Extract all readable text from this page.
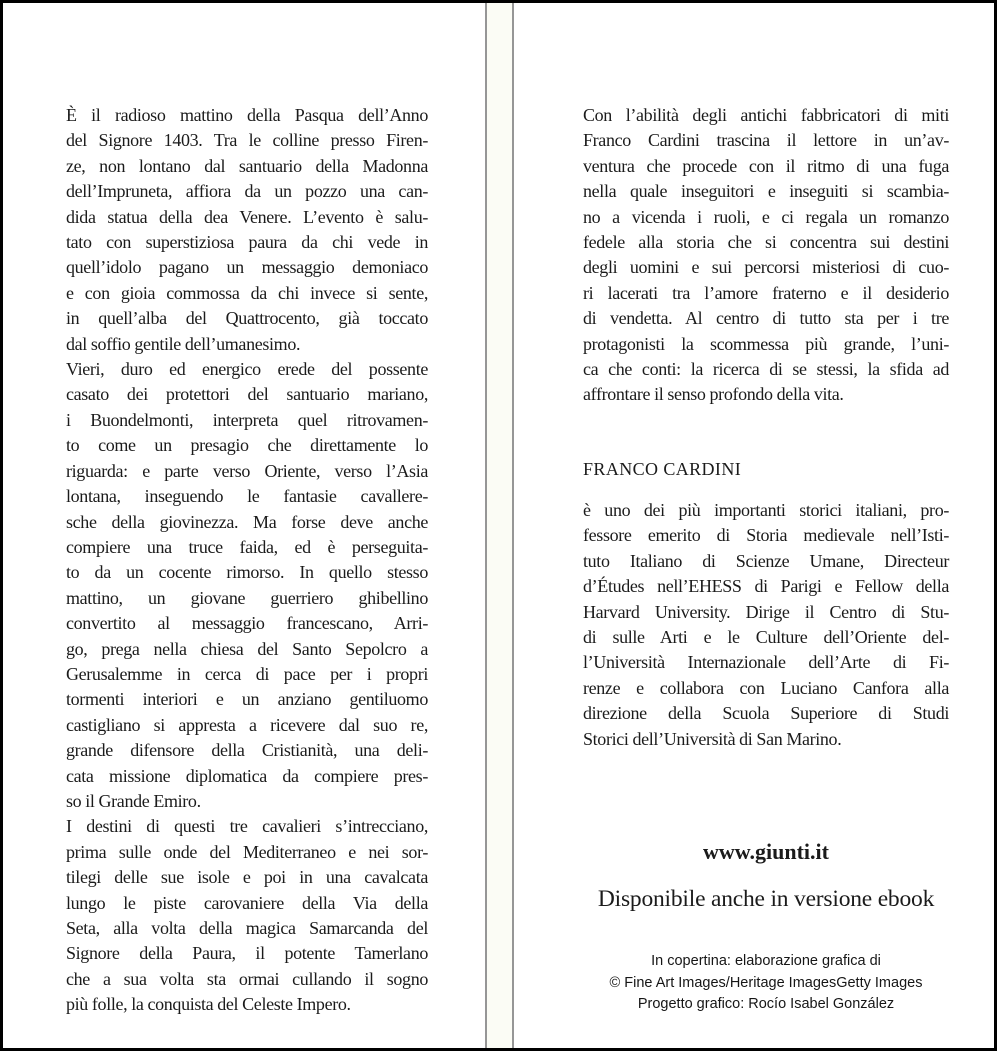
È il radioso mattino della Pasqua dell’Anno
del Signore 1403. Tra le colline presso Firen-
ze, non lontano dal santuario della Madonna
dell’Impruneta, affiora da un pozzo una can-
dida statua della dea Venere. L’evento è salu-
tato con superstiziosa paura da chi vede in
quell’idolo pagano un messaggio demoniaco
e con gioia commossa da chi invece si sente,
in quell’alba del Quattrocento, già toccato
dal soffio gentile dell’umanesimo.
Vieri, duro ed energico erede del possente
casato dei protettori del santuario mariano,
i Buondelmonti, interpreta quel ritrovamen-
to come un presagio che direttamente lo
riguarda: e parte verso Oriente, verso l’Asia
lontana, inseguendo le fantasie cavallere-
sche della giovinezza. Ma forse deve anche
compiere una truce faida, ed è perseguita-
to da un cocente rimorso. In quello stesso
mattino, un giovane guerriero ghibellino
convertito al messaggio francescano, Arri-
go, prega nella chiesa del Santo Sepolcro a
Gerusalemme in cerca di pace per i propri
tormenti interiori e un anziano gentiluomo
castigliano si appresta a ricevere dal suo re,
grande difensore della Cristianità, una deli-
cata missione diplomatica da compiere pres-
so il Grande Emiro.
I destini di questi tre cavalieri s’intrecciano,
prima sulle onde del Mediterraneo e nei sor-
tilegi delle sue isole e poi in una cavalcata
lungo le piste carovaniere della Via della
Seta, alla volta della magica Samarcanda del
Signore della Paura, il potente Tamerlano
che a sua volta sta ormai cullando il sogno
più folle, la conquista del Celeste Impero.
Con l’abilità degli antichi fabbricatori di miti
Franco Cardini trascina il lettore in un’av-
ventura che procede con il ritmo di una fuga
nella quale inseguitori e inseguiti si scambia-
no a vicenda i ruoli, e ci regala un romanzo
fedele alla storia che si concentra sui destini
degli uomini e sui percorsi misteriosi di cuo-
ri lacerati tra l’amore fraterno e il desiderio
di vendetta. Al centro di tutto sta per i tre
protagonisti la scommessa più grande, l’uni-
ca che conti: la ricerca di se stessi, la sfida ad
affrontare il senso profondo della vita.
FRANCO CARDINI
è uno dei più importanti storici italiani, pro-
fessore emerito di Storia medievale nell’Isti-
tuto Italiano di Scienze Umane, Directeur
d’Études nell’EHESS di Parigi e Fellow della
Harvard University. Dirige il Centro di Stu-
di sulle Arti e le Culture dell’Oriente del-
l’Università Internazionale dell’Arte di Fi-
renze e collabora con Luciano Canfora alla
direzione della Scuola Superiore di Studi
Storici dell’Università di San Marino.
www.giunti.it
Disponibile anche in versione ebook
In copertina: elaborazione grafica di
© Fine Art Images/Heritage ImagesGetty Images
Progetto grafico: Rocío Isabel González
